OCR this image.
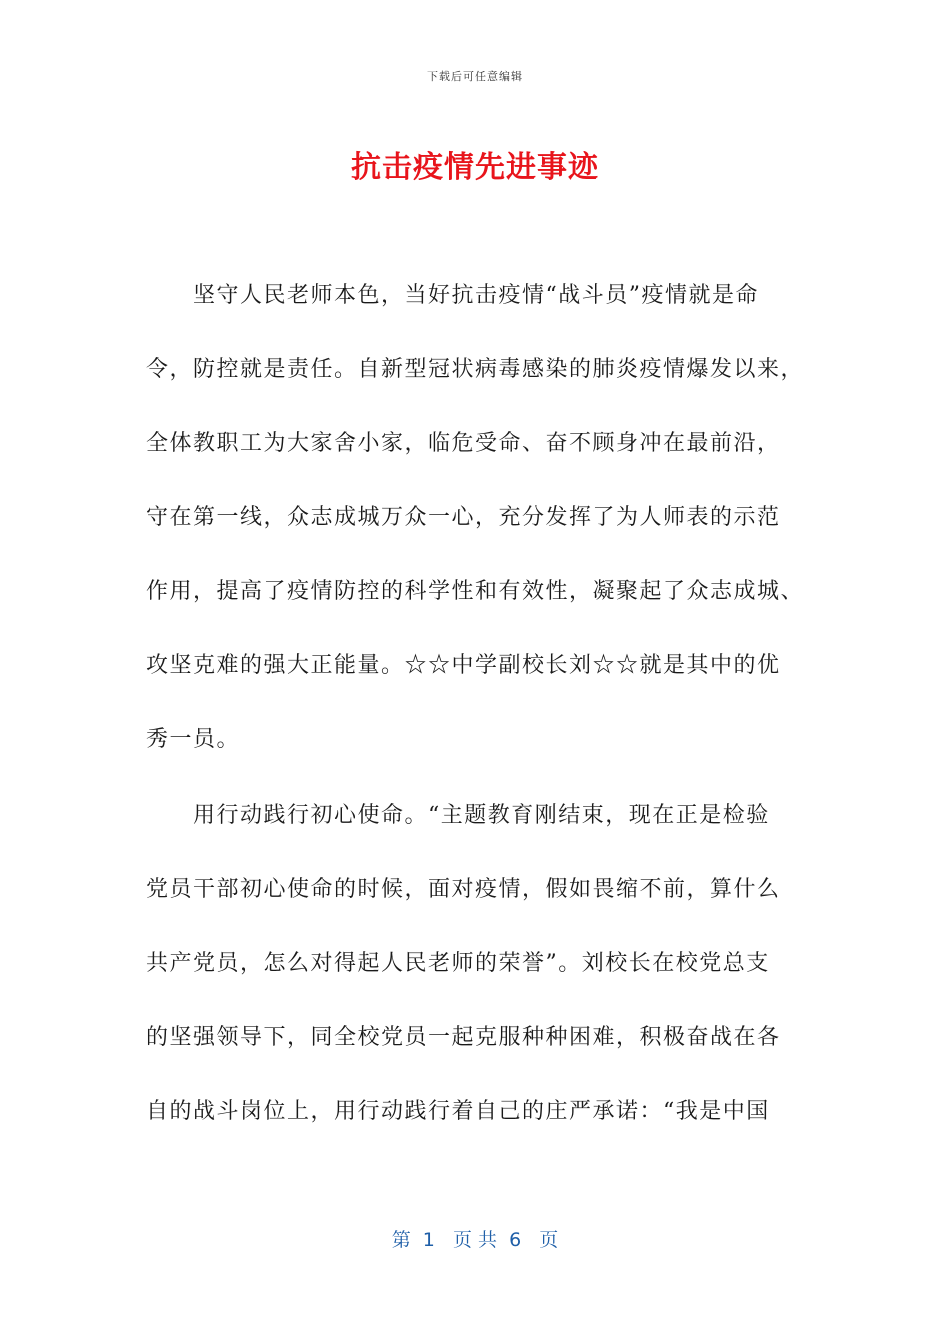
下载后可任意编辑
抗击疫情先进事迹
　　坚守人民老师本色，当好抗击疫情“战斗员”疫情就是命
令，防控就是责任。自新型冠状病毒感染的肺炎疫情爆发以来，
全体教职工为大家舍小家，临危受命、奋不顾身冲在最前沿，
守在第一线，众志成城万众一心，充分发挥了为人师表的示范
作用，提高了疫情防控的科学性和有效性，凝聚起了众志成城、
攻坚克难的强大正能量。☆☆中学副校长刘☆☆就是其中的优
秀一员。
　　用行动践行初心使命。“主题教育刚结束，现在正是检验
党员干部初心使命的时候，面对疫情，假如畏缩不前，算什么
共产党员，怎么对得起人民老师的荣誉”。刘校长在校党总支
的坚强领导下，同全校党员一起克服种种困难，积极奋战在各
自的战斗岗位上，用行动践行着自己的庄严承诺：“我是中国
第  1   页 共  6   页
